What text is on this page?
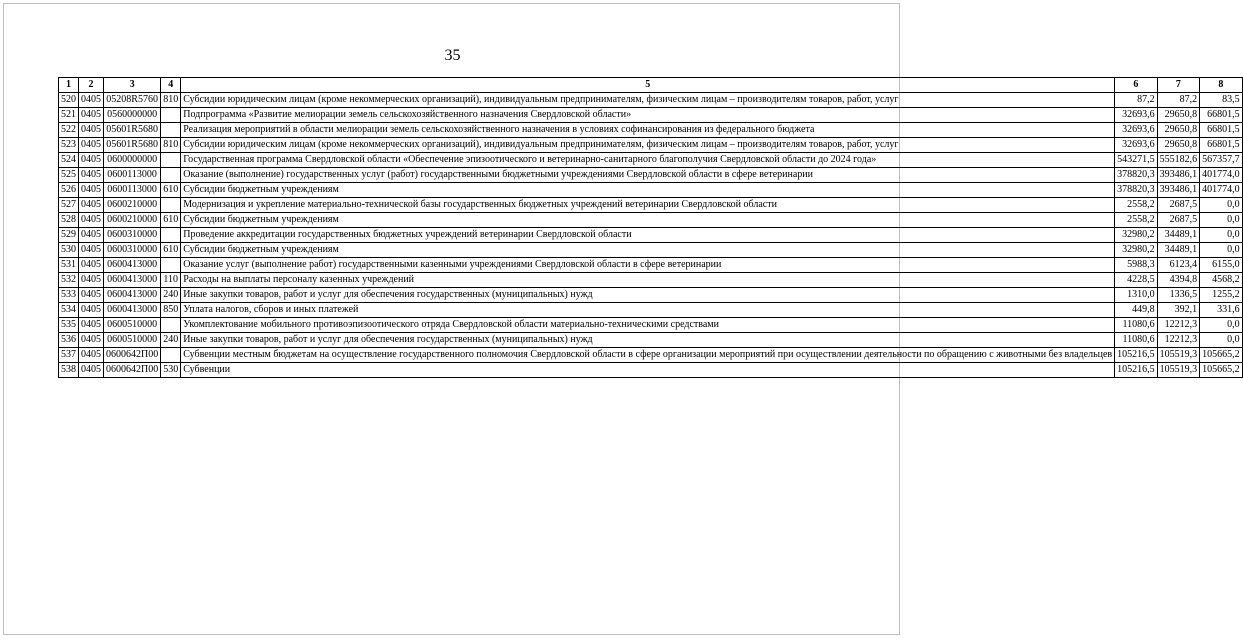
35
1	2	3	4	5	6	7	8
520	0405	05208R5760	810	Субсидии юридическим лицам (кроме некоммерческих организаций), индивидуальным предпринимателям, физическим лицам – производителям товаров, работ, услуг	87,2	87,2	83,5
521	0405	0560000000		Подпрограмма «Развитие мелиорации земель сельскохозяйственного назначения Свердловской области»	32693,6	29650,8	66801,5
522	0405	05601R5680		Реализация мероприятий в области мелиорации земель сельскохозяйственного назначения в условиях софинансирования из федерального бюджета	32693,6	29650,8	66801,5
523	0405	05601R5680	810	Субсидии юридическим лицам (кроме некоммерческих организаций), индивидуальным предпринимателям, физическим лицам – производителям товаров, работ, услуг	32693,6	29650,8	66801,5
524	0405	0600000000		Государственная программа Свердловской области «Обеспечение эпизоотического и ветеринарно-санитарного благополучия Свердловской области до 2024 года»	543271,5	555182,6	567357,7
525	0405	0600113000		Оказание (выполнение) государственных услуг (работ) государственными бюджетными учреждениями Свердловской области в сфере ветеринарии	378820,3	393486,1	401774,0
526	0405	0600113000	610	Субсидии бюджетным учреждениям	378820,3	393486,1	401774,0
527	0405	0600210000		Модернизация и укрепление материально-технической базы государственных бюджетных учреждений ветеринарии Свердловской области	2558,2	2687,5	0,0
528	0405	0600210000	610	Субсидии бюджетным учреждениям	2558,2	2687,5	0,0
529	0405	0600310000		Проведение аккредитации государственных бюджетных учреждений ветеринарии Свердловской области	32980,2	34489,1	0,0
530	0405	0600310000	610	Субсидии бюджетным учреждениям	32980,2	34489,1	0,0
531	0405	0600413000		Оказание услуг (выполнение работ) государственными казенными учреждениями Свердловской области в сфере ветеринарии	5988,3	6123,4	6155,0
532	0405	0600413000	110	Расходы на выплаты персоналу казенных учреждений	4228,5	4394,8	4568,2
533	0405	0600413000	240	Иные закупки товаров, работ и услуг для обеспечения государственных (муниципальных) нужд	1310,0	1336,5	1255,2
534	0405	0600413000	850	Уплата налогов, сборов и иных платежей	449,8	392,1	331,6
535	0405	0600510000		Укомплектование мобильного противоэпизоотического отряда Свердловской области материально-техническими средствами	11080,6	12212,3	0,0
536	0405	0600510000	240	Иные закупки товаров, работ и услуг для обеспечения государственных (муниципальных) нужд	11080,6	12212,3	0,0
537	0405	0600642П00		Субвенции местным бюджетам на осуществление государственного полномочия Свердловской области в сфере организации мероприятий при осуществлении деятельности по обращению с животными без владельцев	105216,5	105519,3	105665,2
538	0405	0600642П00	530	Субвенции	105216,5	105519,3	105665,2
